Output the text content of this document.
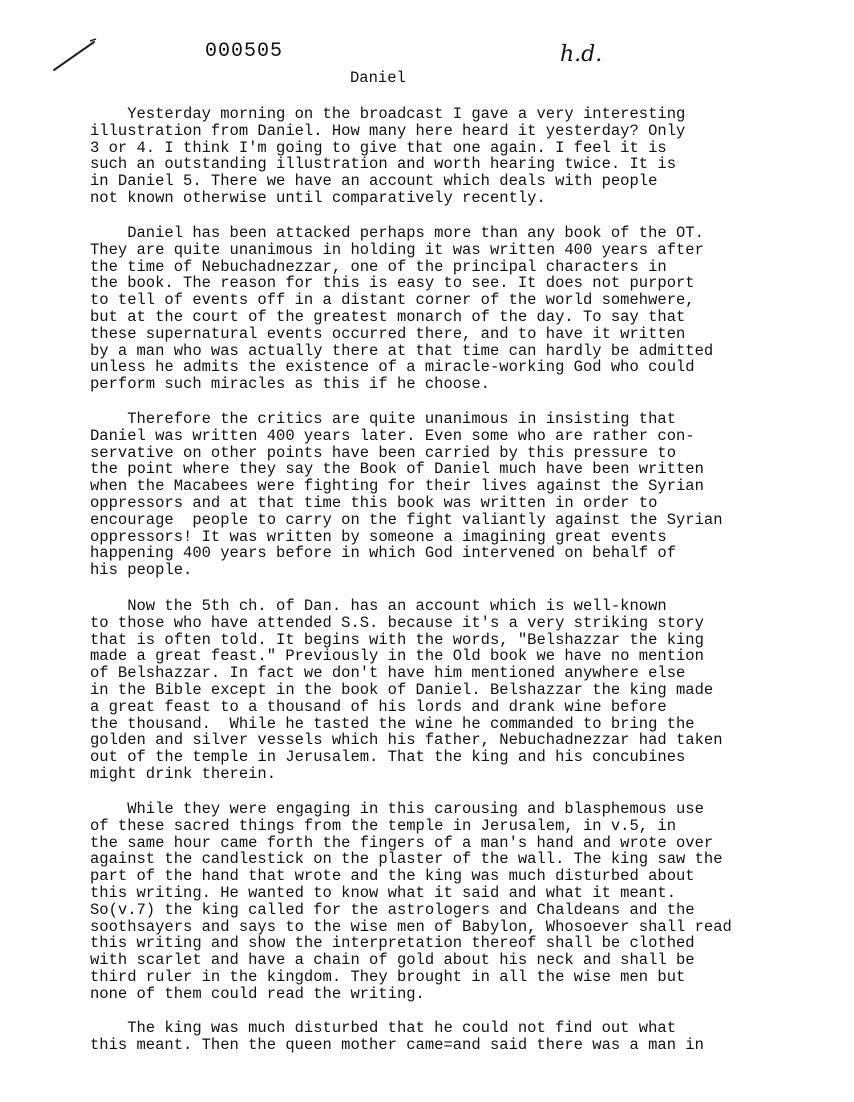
000505	h.d.
Daniel
Yesterday morning on the broadcast I gave a very interesting
illustration from Daniel. How many here heard it yesterday? Only
3 or 4. I think I'm going to give that one again. I feel it is
such an outstanding illustration and worth hearing twice. It is
in Daniel 5. There we have an account which deals with people
not known otherwise until comparatively recently.
Daniel has been attacked perhaps more than any book of the OT.
They are quite unanimous in holding it was written 400 years after
the time of Nebuchadnezzar, one of the principal characters in
the book. The reason for this is easy to see. It does not purport
to tell of events off in a distant corner of the world somehwere,
but at the court of the greatest monarch of the day. To say that
these supernatural events occurred there, and to have it written
by a man who was actually there at that time can hardly be admitted
unless he admits the existence of a miracle-working God who could
perform such miracles as this if he choose.
Therefore the critics are quite unanimous in insisting that
Daniel was written 400 years later. Even some who are rather con-
servative on other points have been carried by this pressure to
the point where they say the Book of Daniel much have been written
when the Macabees were fighting for their lives against the Syrian
oppressors and at that time this book was written in order to
encourage  people to carry on the fight valiantly against the Syrian
oppressors! It was written by someone a imagining great events
happening 400 years before in which God intervened on behalf of
his people.
Now the 5th ch. of Dan. has an account which is well-known
to those who have attended S.S. because it's a very striking story
that is often told. It begins with the words, "Belshazzar the king
made a great feast." Previously in the Old book we have no mention
of Belshazzar. In fact we don't have him mentioned anywhere else
in the Bible except in the book of Daniel. Belshazzar the king made
a great feast to a thousand of his lords and drank wine before
the thousand.  While he tasted the wine he commanded to bring the
golden and silver vessels which his father, Nebuchadnezzar had taken
out of the temple in Jerusalem. That the king and his concubines
might drink therein.
While they were engaging in this carousing and blasphemous use
of these sacred things from the temple in Jerusalem, in v.5, in
the same hour came forth the fingers of a man's hand and wrote over
against the candlestick on the plaster of the wall. The king saw the
part of the hand that wrote and the king was much disturbed about
this writing. He wanted to know what it said and what it meant.
So(v.7) the king called for the astrologers and Chaldeans and the
soothsayers and says to the wise men of Babylon, Whosoever shall read
this writing and show the interpretation thereof shall be clothed
with scarlet and have a chain of gold about his neck and shall be
third ruler in the kingdom. They brought in all the wise men but
none of them could read the writing.
The king was much disturbed that he could not find out what
this meant. Then the queen mother came=and said there was a man in
